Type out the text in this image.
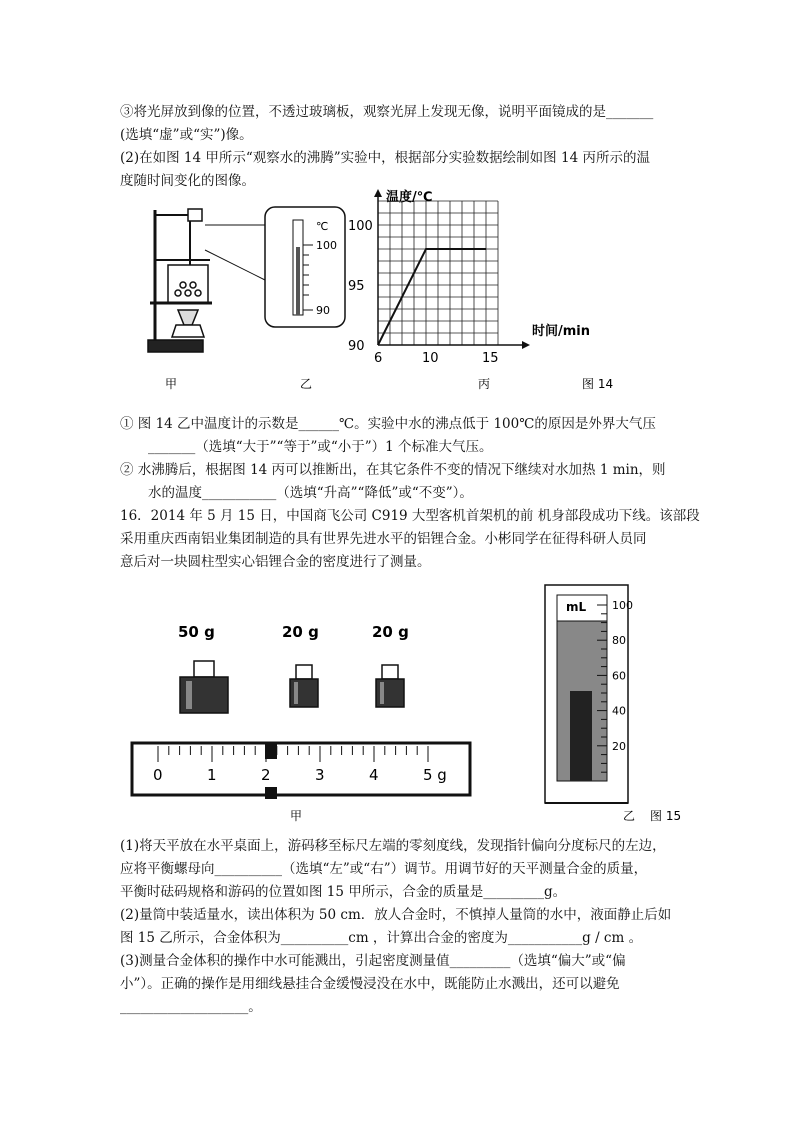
③将光屏放到像的位置，不透过玻璃板，观察光屏上发现无像，说明平面镜成的是_______
(选填“虚”或“实”)像。
(2)在如图 14 甲所示“观察水的沸腾”实验中，根据部分实验数据绘制如图 14 丙所示的温
度随时间变化的图像。
℃
100
90
温度/℃
时间/min
100
95
90
6	10	15
甲	乙	丙	图 14
① 图 14 乙中温度计的示数是______℃。实验中水的沸点低于 100℃的原因是外界大气压
_______（选填“大于”“等于”或“小于”）1 个标准大气压。
② 水沸腾后，根据图 14 丙可以推断出，在其它条件不变的情况下继续对水加热 1 min，则
水的温度___________（选填“升高”“降低”或“不变”）。
16．2014 年 5 月 15 日，中国商飞公司 C919 大型客机首架机的前 机身部段成功下线。该部段
采用重庆西南铝业集团制造的具有世界先进水平的铝锂合金。小彬同学在征得科研人员同
意后对一块圆柱型实心铝锂合金的密度进行了测量。
50 g	20 g	20 g
0	1	2	3	4	5 g
mL 100
80
60
40
20
甲	乙 图 15
(1)将天平放在水平桌面上，游码移至标尺左端的零刻度线，发现指针偏向分度标尺的左边，
应将平衡螺母向__________（选填“左”或“右”）调节。用调节好的天平测量合金的质量，
平衡时砝码规格和游码的位置如图 15 甲所示，合金的质量是_________g。
(2)量筒中装适量水，读出体积为 50 cm．放人合金时，不慎掉人量筒的水中，液面静止后如
图 15 乙所示，合金体积为__________cm ，计算出合金的密度为___________g / cm 。
(3)测量合金体积的操作中水可能溅出，引起密度测量值_________（选填“偏大”或“偏
小”）。正确的操作是用细线悬挂合金缓慢浸没在水中，既能防止水溅出，还可以避免
___________________。
